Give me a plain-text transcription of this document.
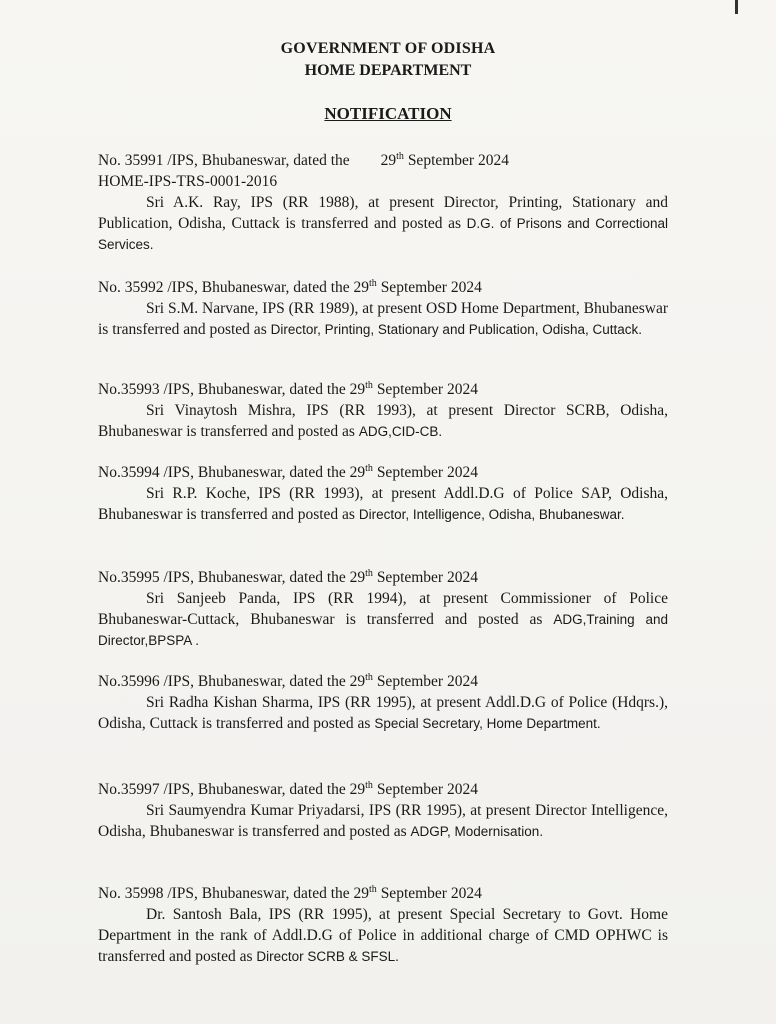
GOVERNMENT OF ODISHA
HOME DEPARTMENT
NOTIFICATION
No. 35991 /IPS, Bhubaneswar, dated the 29th September 2024
HOME-IPS-TRS-0001-2016
Sri A.K. Ray, IPS (RR 1988), at present Director, Printing, Stationary and Publication, Odisha, Cuttack is transferred and posted as D.G. of Prisons and Correctional Services.
No. 35992 /IPS, Bhubaneswar, dated the 29th September 2024
Sri S.M. Narvane, IPS (RR 1989), at present OSD Home Department, Bhubaneswar is transferred and posted as Director, Printing, Stationary and Publication, Odisha, Cuttack.
No.35993 /IPS, Bhubaneswar, dated the 29th September 2024
Sri Vinaytosh Mishra, IPS (RR 1993), at present Director SCRB, Odisha, Bhubaneswar is transferred and posted as ADG,CID-CB.
No.35994 /IPS, Bhubaneswar, dated the 29th September 2024
Sri R.P. Koche, IPS (RR 1993), at present Addl.D.G of Police SAP, Odisha, Bhubaneswar is transferred and posted as Director, Intelligence, Odisha, Bhubaneswar.
No.35995 /IPS, Bhubaneswar, dated the 29th September 2024
Sri Sanjeeb Panda, IPS (RR 1994), at present Commissioner of Police Bhubaneswar-Cuttack, Bhubaneswar is transferred and posted as ADG,Training and Director,BPSPA .
No.35996 /IPS, Bhubaneswar, dated the 29th September 2024
Sri Radha Kishan Sharma, IPS (RR 1995), at present Addl.D.G of Police (Hdqrs.), Odisha, Cuttack is transferred and posted as Special Secretary, Home Department.
No.35997 /IPS, Bhubaneswar, dated the 29th September 2024
Sri Saumyendra Kumar Priyadarsi, IPS (RR 1995), at present Director Intelligence, Odisha, Bhubaneswar is transferred and posted as ADGP, Modernisation.
No. 35998 /IPS, Bhubaneswar, dated the 29th September 2024
Dr. Santosh Bala, IPS (RR 1995), at present Special Secretary to Govt. Home Department in the rank of Addl.D.G of Police in additional charge of CMD OPHWC is transferred and posted as Director SCRB & SFSL.
